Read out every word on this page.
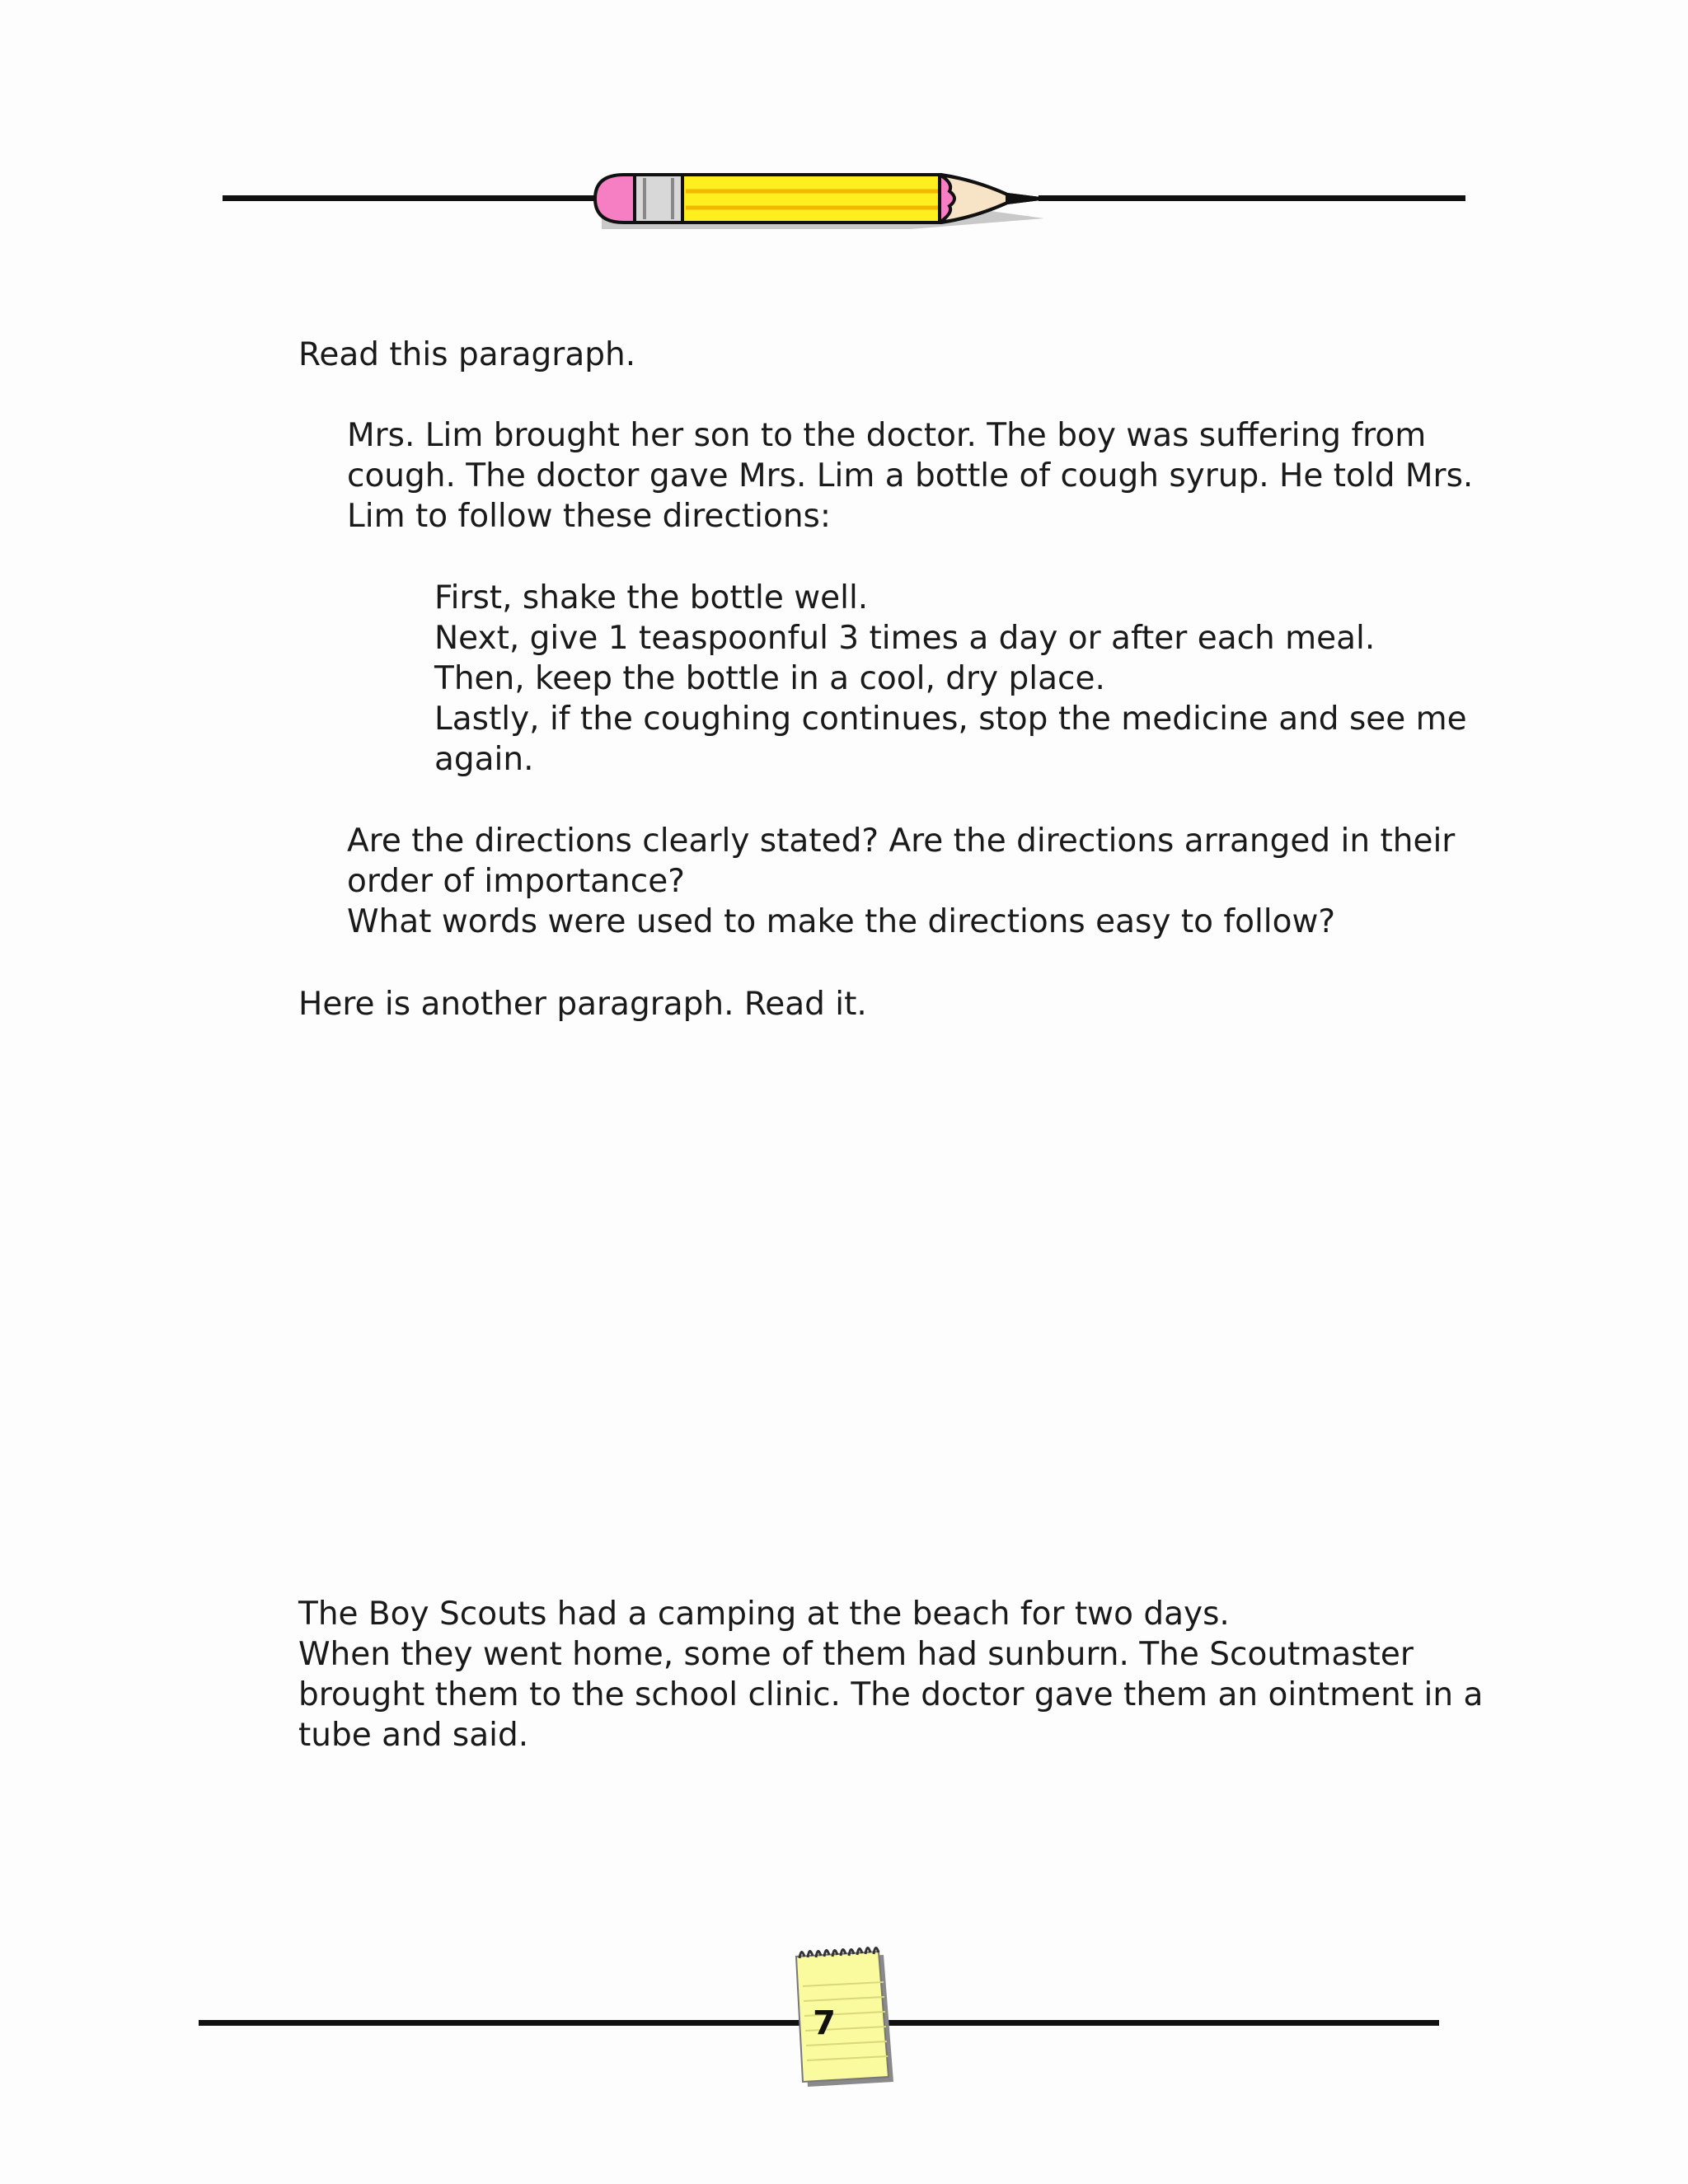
Read this paragraph.

Mrs. Lim brought her son to the doctor. The boy was suffering from
cough. The doctor gave Mrs. Lim a bottle of cough syrup. He told Mrs.
Lim to follow these directions:
First, shake the bottle well.
Next, give 1 teaspoonful 3 times a day or after each meal.
Then, keep the bottle in a cool, dry place.
Lastly, if the coughing continues, stop the medicine and see me
again.
Are the directions clearly stated? Are the directions arranged in their
order of importance?
What words were used to make the directions easy to follow?

Here is another paragraph. Read it.

The Boy Scouts had a camping at the beach for two days.
When they went home, some of them had sunburn. The Scoutmaster
brought them to the school clinic. The doctor gave them an ointment in a
tube and said.
7
